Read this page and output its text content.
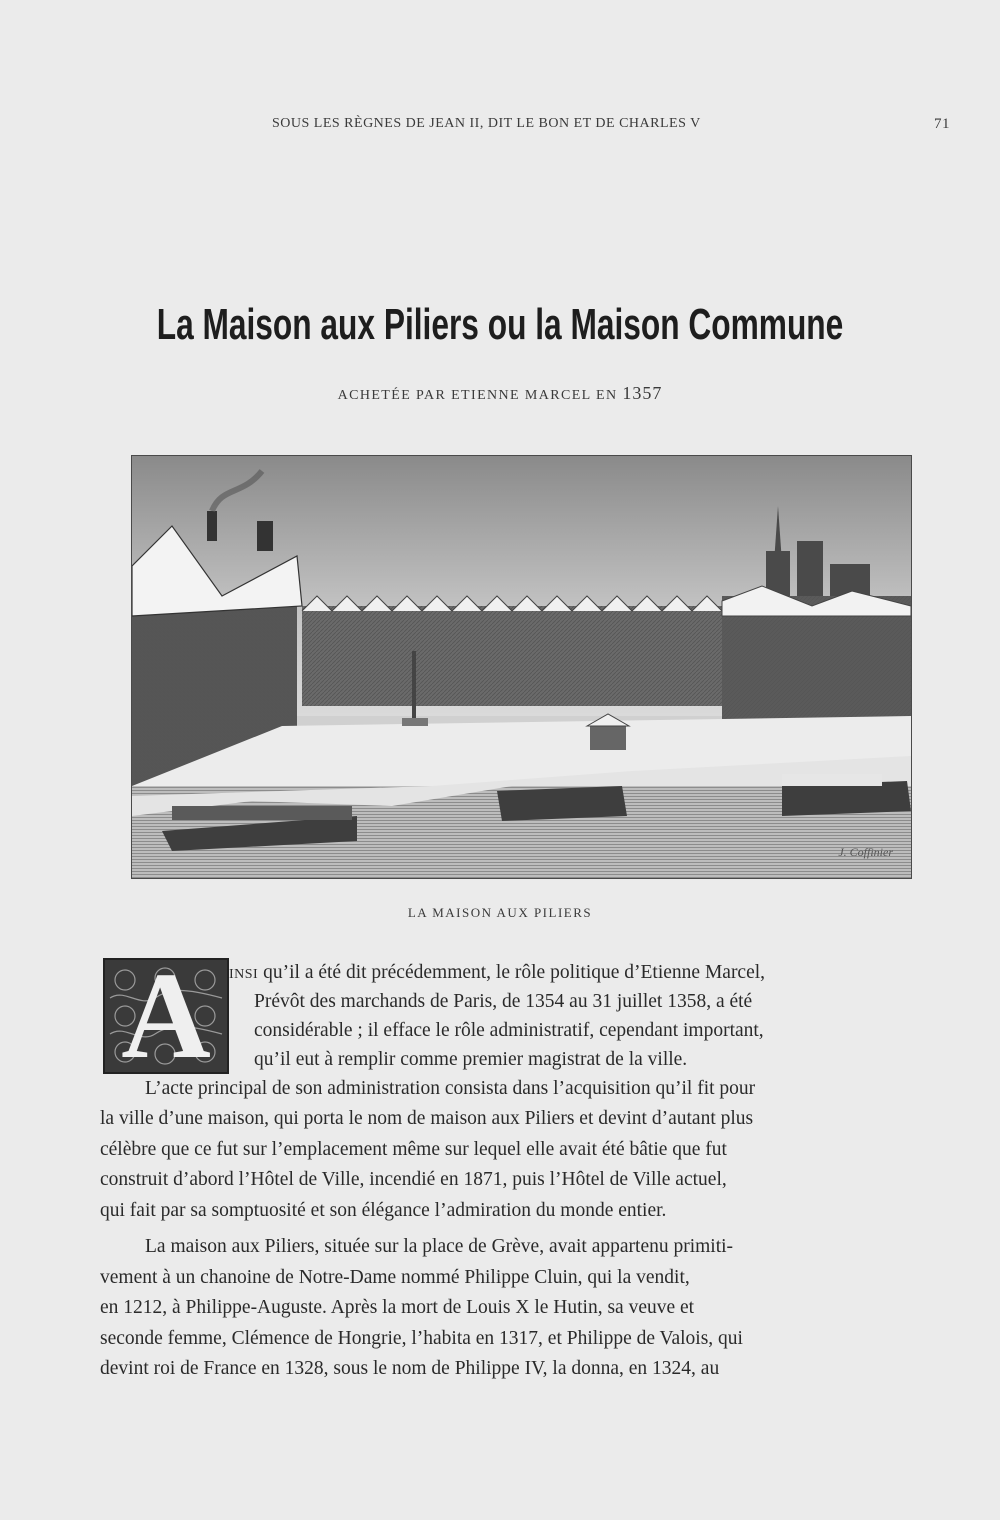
SOUS LES RÈGNES DE JEAN II, DIT LE BON ET DE CHARLES V	71
La Maison aux Piliers ou la Maison Commune
ACHETÉE PAR ETIENNE MARCEL EN 1357
J. Coffinier
LA MAISON AUX PILIERS
A	INSI qu’il a été dit précédemment, le rôle politique d’Etienne Marcel,
Prévôt des marchands de Paris, de 1354 au 31 juillet 1358, a été
considérable ; il efface le rôle administratif, cependant important,
qu’il eut à remplir comme premier magistrat de la ville.
L’acte principal de son administration consista dans l’acquisition qu’il fit pour
la ville d’une maison, qui porta le nom de maison aux Piliers et devint d’autant plus
célèbre que ce fut sur l’emplacement même sur lequel elle avait été bâtie que fut
construit d’abord l’Hôtel de Ville, incendié en 1871, puis l’Hôtel de Ville actuel,
qui fait par sa somptuosité et son élégance l’admiration du monde entier.
La maison aux Piliers, située sur la place de Grève, avait appartenu primiti-
vement à un chanoine de Notre-Dame nommé Philippe Cluin, qui la vendit,
en 1212, à Philippe-Auguste. Après la mort de Louis X le Hutin, sa veuve et
seconde femme, Clémence de Hongrie, l’habita en 1317, et Philippe de Valois, qui
devint roi de France en 1328, sous le nom de Philippe IV, la donna, en 1324, au
